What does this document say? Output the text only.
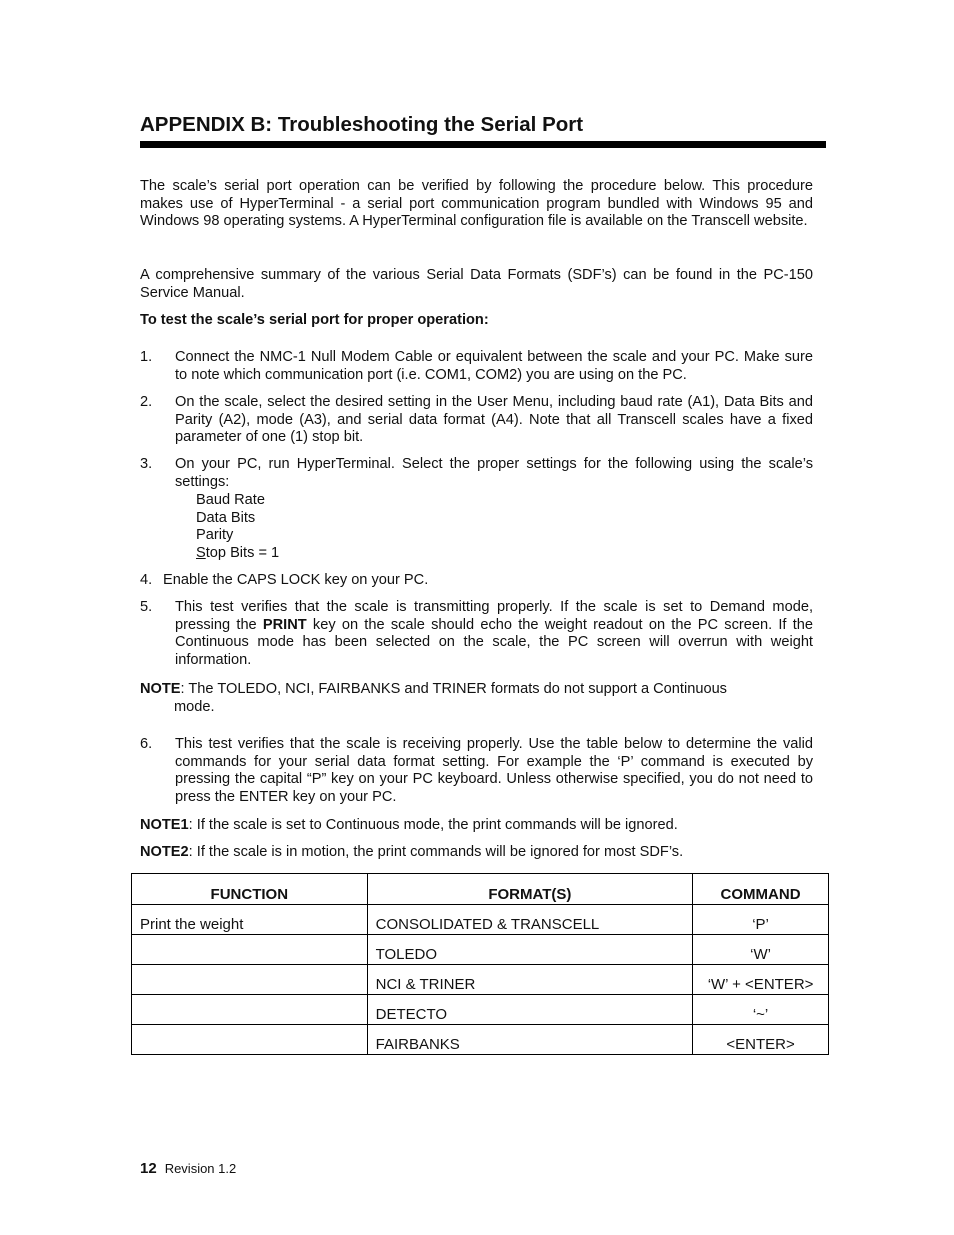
APPENDIX B: Troubleshooting the Serial Port

The scale’s serial port operation can be verified by following the procedure below. This procedure makes use of HyperTerminal - a serial port communication program bundled with Windows 95 and Windows 98 operating systems. A HyperTerminal configuration file is available on the Transcell website.

A comprehensive summary of the various Serial Data Formats (SDF’s) can be found in the PC-150 Service Manual.

To test the scale’s serial port for proper operation:

1. Connect the NMC-1 Null Modem Cable or equivalent between the scale and your PC. Make sure to note which communication port (i.e. COM1, COM2) you are using on the PC.
2. On the scale, select the desired setting in the User Menu, including baud rate (A1), Data Bits and Parity (A2), mode (A3), and serial data format (A4). Note that all Transcell scales have a fixed parameter of one (1) stop bit.
3. On your PC, run HyperTerminal. Select the proper settings for the following using the scale’s settings:
Baud Rate
Data Bits
Parity
Stop Bits = 1
4. Enable the CAPS LOCK key on your PC.
5. This test verifies that the scale is transmitting properly. If the scale is set to Demand mode, pressing the PRINT key on the scale should echo the weight readout on the PC screen. If the Continuous mode has been selected on the scale, the PC screen will overrun with weight information.
NOTE: The TOLEDO, NCI, FAIRBANKS and TRINER formats do not support a Continuous
mode.
6. This test verifies that the scale is receiving properly. Use the table below to determine the valid commands for your serial data format setting. For example the ‘P’ command is executed by pressing the capital “P” key on your PC keyboard. Unless otherwise specified, you do not need to press the ENTER key on your PC.
NOTE1: If the scale is set to Continuous mode, the print commands will be ignored.
NOTE2: If the scale is in motion, the print commands will be ignored for most SDF’s.
FUNCTION	FORMAT(S)	COMMAND
Print the weight	CONSOLIDATED & TRANSCELL	‘P’
	TOLEDO	‘W’
	NCI & TRINER	‘W’ + <ENTER>
	DETECTO	‘~’
	FAIRBANKS	<ENTER>
12 Revision 1.2
